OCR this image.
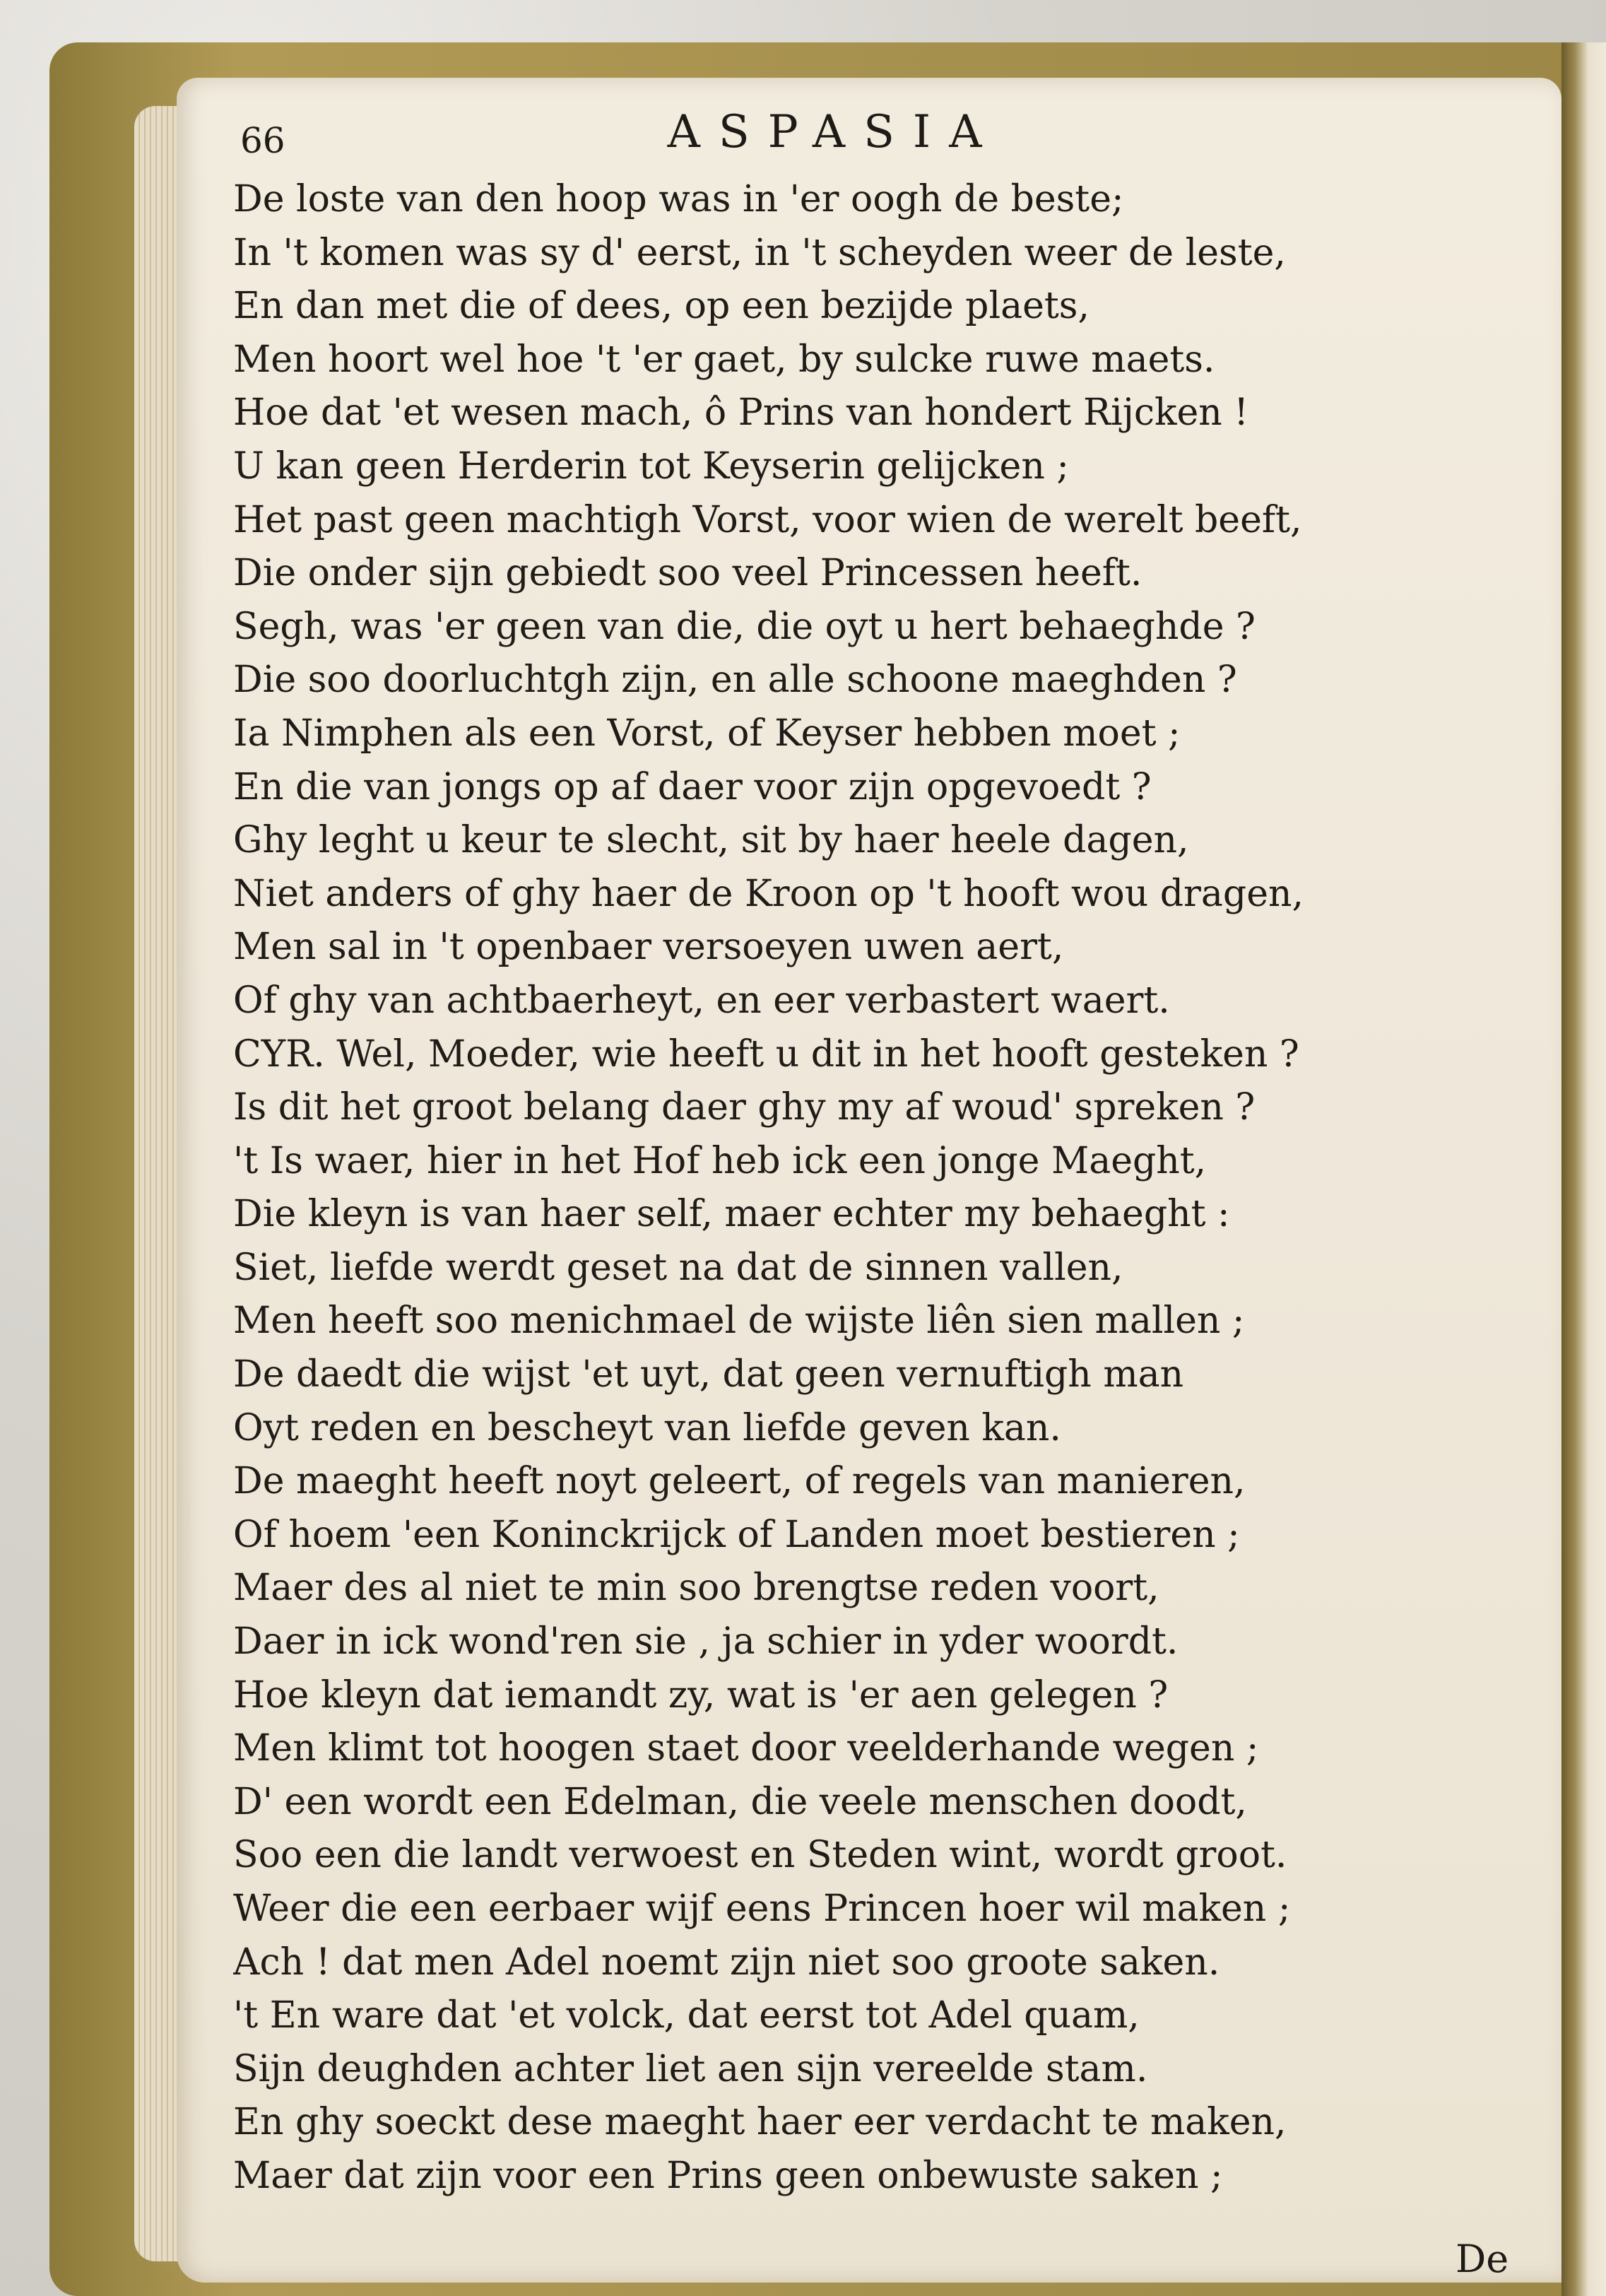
66	ASPASIA
De loste van den hoop was in 'er oogh de beste;
In 't komen was sy d' eerst, in 't scheyden weer de leste,
En dan met die of dees, op een bezijde plaets,
Men hoort wel hoe 't 'er gaet, by sulcke ruwe maets.
Hoe dat 'et wesen mach, ô Prins van hondert Rijcken !
U kan geen Herderin tot Keyserin gelijcken ;
Het past geen machtigh Vorst, voor wien de werelt beeft,
Die onder sijn gebiedt soo veel Princessen heeft.
Segh, was 'er geen van die, die oyt u hert behaeghde ?
Die soo doorluchtgh zijn, en alle schoone maeghden ?
Ia Nimphen als een Vorst, of Keyser hebben moet ;
En die van jongs op af daer voor zijn opgevoedt ?
Ghy leght u keur te slecht, sit by haer heele dagen,
Niet anders of ghy haer de Kroon op 't hooft wou dragen,
Men sal in 't openbaer versoeyen uwen aert,
Of ghy van achtbaerheyt, en eer verbastert waert.
CYR. Wel, Moeder, wie heeft u dit in het hooft gesteken ?
Is dit het groot belang daer ghy my af woud' spreken ?
't Is waer, hier in het Hof heb ick een jonge Maeght,
Die kleyn is van haer self, maer echter my behaeght :
Siet, liefde werdt geset na dat de sinnen vallen,
Men heeft soo menichmael de wijste liên sien mallen ;
De daedt die wijst 'et uyt, dat geen vernuftigh man
Oyt reden en bescheyt van liefde geven kan.
De maeght heeft noyt geleert, of regels van manieren,
Of hoem 'een Koninckrijck of Landen moet bestieren ;
Maer des al niet te min soo brengtse reden voort,
Daer in ick wond'ren sie , ja schier in yder woordt.
Hoe kleyn dat iemandt zy, wat is 'er aen gelegen ?
Men klimt tot hoogen staet door veelderhande wegen ;
D' een wordt een Edelman, die veele menschen doodt,
Soo een die landt verwoest en Steden wint, wordt groot.
Weer die een eerbaer wijf eens Princen hoer wil maken ;
Ach ! dat men Adel noemt zijn niet soo groote saken.
't En ware dat 'et volck, dat eerst tot Adel quam,
Sijn deughden achter liet aen sijn vereelde stam.
En ghy soeckt dese maeght haer eer verdacht te maken,
Maer dat zijn voor een Prins geen onbewuste saken ;
De
